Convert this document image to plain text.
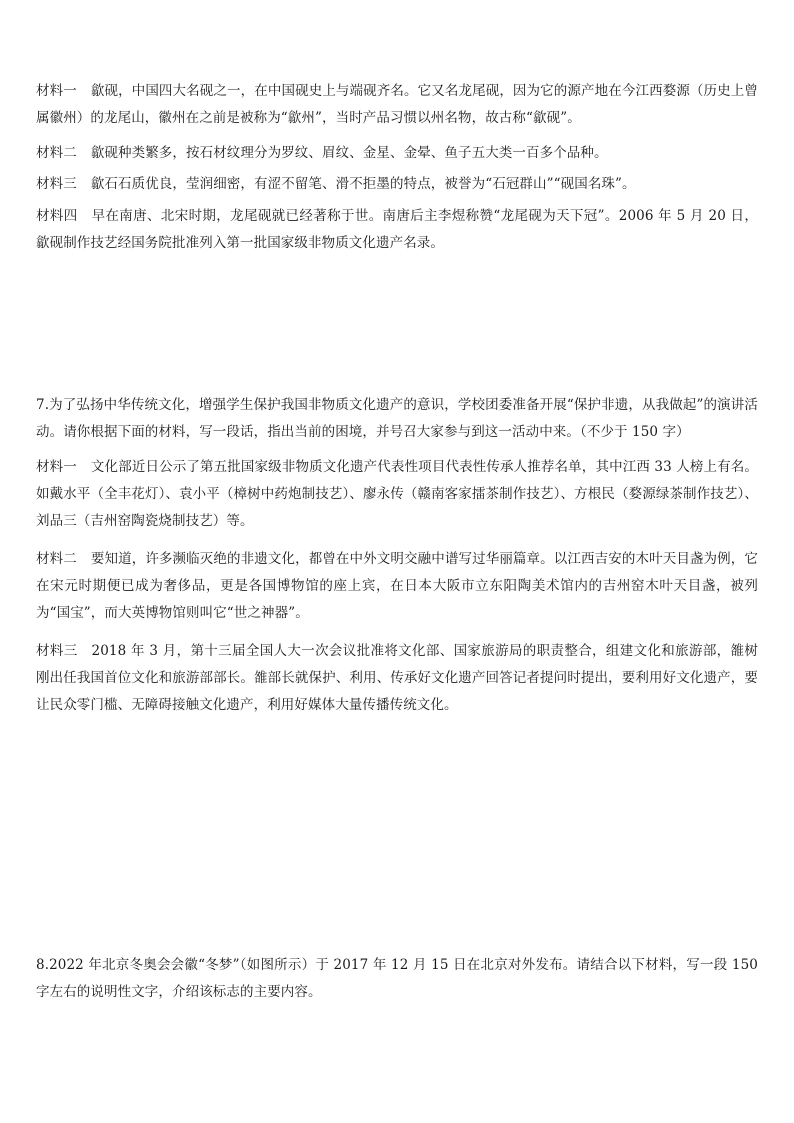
材料一 歙砚，中国四大名砚之一，在中国砚史上与端砚齐名。它又名龙尾砚，因为它的源产地在今江西婺源（历史上曾属徽州）的龙尾山，徽州在之前是被称为“歙州”，当时产品习惯以州名物，故古称“歙砚”。

材料二 歙砚种类繁多，按石材纹理分为罗纹、眉纹、金星、金晕、鱼子五大类一百多个品种。

材料三 歙石石质优良，莹润细密，有涩不留笔、滑不拒墨的特点，被誉为“石冠群山”“砚国名珠”。

材料四 早在南唐、北宋时期，龙尾砚就已经著称于世。南唐后主李煜称赞“龙尾砚为天下冠”。2006 年 5 月 20 日，歙砚制作技艺经国务院批准列入第一批国家级非物质文化遗产名录。

7.为了弘扬中华传统文化，增强学生保护我国非物质文化遗产的意识，学校团委准备开展“保护非遗，从我做起”的演讲活动。请你根据下面的材料，写一段话，指出当前的困境，并号召大家参与到这一活动中来。（不少于 150 字）

材料一 文化部近日公示了第五批国家级非物质文化遗产代表性项目代表性传承人推荐名单，其中江西 33 人榜上有名。如戴水平（全丰花灯）、袁小平（樟树中药炮制技艺）、廖永传（赣南客家擂茶制作技艺）、方根民（婺源绿茶制作技艺）、刘品三（吉州窑陶瓷烧制技艺）等。

材料二 要知道，许多濒临灭绝的非遗文化，都曾在中外文明交融中谱写过华丽篇章。以江西吉安的木叶天目盏为例，它在宋元时期便已成为奢侈品，更是各国博物馆的座上宾，在日本大阪市立东阳陶美术馆内的吉州窑木叶天目盏，被列为“国宝”，而大英博物馆则叫它“世之神器”。

材料三 2018 年 3 月，第十三届全国人大一次会议批准将文化部、国家旅游局的职责整合，组建文化和旅游部，雒树刚出任我国首位文化和旅游部部长。雒部长就保护、利用、传承好文化遗产回答记者提问时提出，要利用好文化遗产，要让民众零门槛、无障碍接触文化遗产，利用好媒体大量传播传统文化。

8.2022 年北京冬奥会会徽“冬梦”（如图所示）于 2017 年 12 月 15 日在北京对外发布。请结合以下材料，写一段 150 字左右的说明性文字，介绍该标志的主要内容。
